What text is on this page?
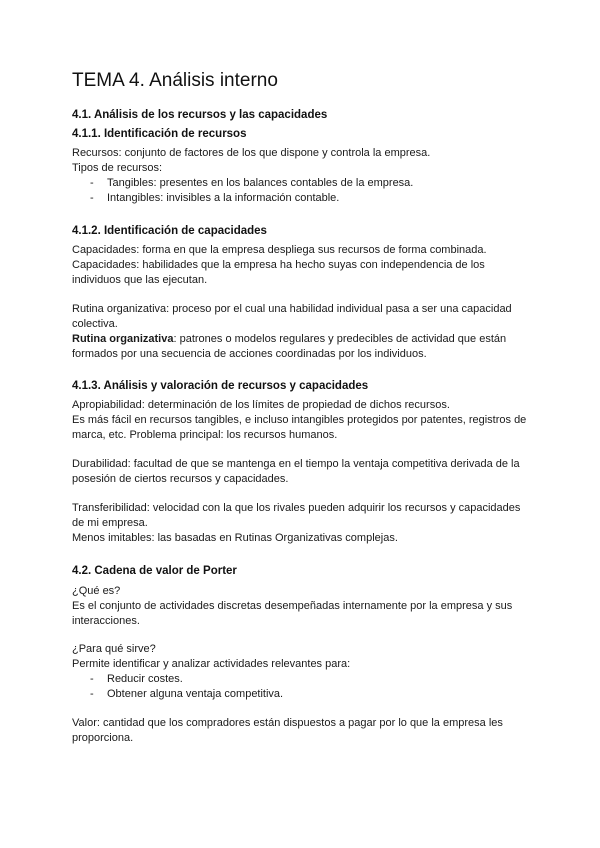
TEMA 4. Análisis interno
4.1. Análisis de los recursos y las capacidades
4.1.1. Identificación de recursos

Recursos: conjunto de factores de los que dispone y controla la empresa.

Tipos de recursos:

- Tangibles: presentes en los balances contables de la empresa.

- Intangibles: invisibles a la información contable.

4.1.2. Identificación de capacidades

Capacidades: forma en que la empresa despliega sus recursos de forma combinada.

Capacidades: habilidades que la empresa ha hecho suyas con independencia de los individuos que las ejecutan.

Rutina organizativa: proceso por el cual una habilidad individual pasa a ser una capacidad colectiva.

Rutina organizativa: patrones o modelos regulares y predecibles de actividad que están formados por una secuencia de acciones coordinadas por los individuos.

4.1.3. Análisis y valoración de recursos y capacidades

Apropiabilidad: determinación de los límites de propiedad de dichos recursos.

Es más fácil en recursos tangibles, e incluso intangibles protegidos por patentes, registros de marca, etc. Problema principal: los recursos humanos.

Durabilidad: facultad de que se mantenga en el tiempo la ventaja competitiva derivada de la posesión de ciertos recursos y capacidades.

Transferibilidad: velocidad con la que los rivales pueden adquirir los recursos y capacidades de mi empresa.

Menos imitables: las basadas en Rutinas Organizativas complejas.

4.2. Cadena de valor de Porter

¿Qué es?

Es el conjunto de actividades discretas desempeñadas internamente por la empresa y sus interacciones.

¿Para qué sirve?

Permite identificar y analizar actividades relevantes para:

- Reducir costes.

- Obtener alguna ventaja competitiva.

Valor: cantidad que los compradores están dispuestos a pagar por lo que la empresa les proporciona.
